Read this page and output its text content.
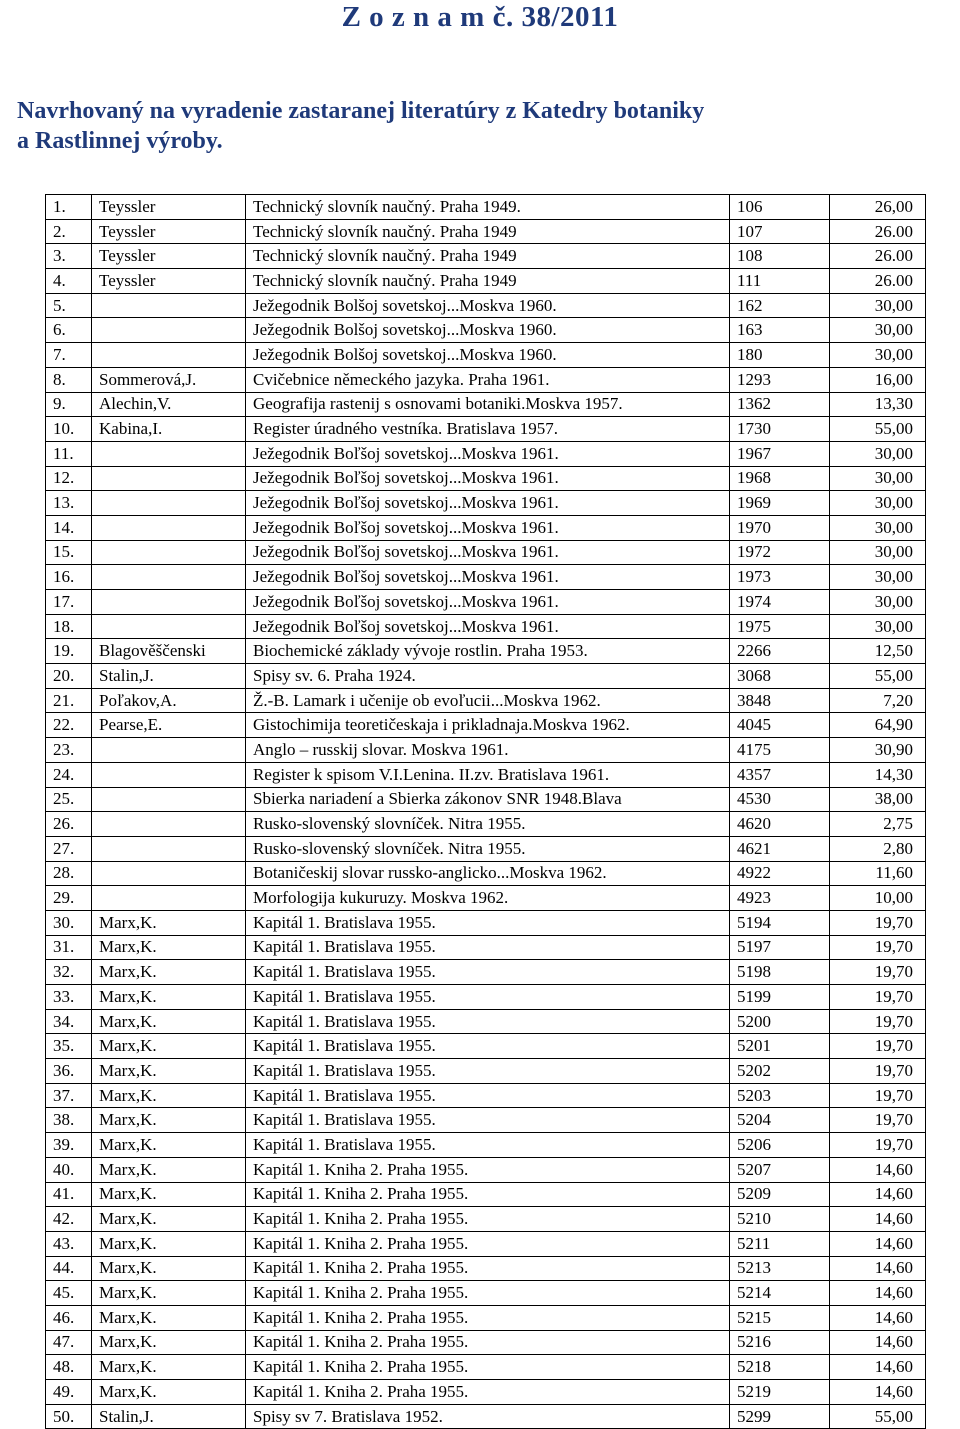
Z o z n a m č. 38/2011
Navrhovaný na vyradenie zastaranej literatúry z Katedry botaniky
a Rastlinnej výroby.
1.	Teyssler	Technický slovník naučný. Praha 1949.	106	26,00
2.	Teyssler	Technický slovník naučný. Praha 1949	107	26.00
3.	Teyssler	Technický slovník naučný. Praha 1949	108	26.00
4.	Teyssler	Technický slovník naučný. Praha 1949	111	26.00
5.		Ježegodnik Bolšoj sovetskoj...Moskva 1960.	162	30,00
6.		Ježegodnik Bolšoj sovetskoj...Moskva 1960.	163	30,00
7.		Ježegodnik Bolšoj sovetskoj...Moskva 1960.	180	30,00
8.	Sommerová,J.	Cvičebnice německého jazyka. Praha 1961.	1293	16,00
9.	Alechin,V.	Geografija rastenij s osnovami botaniki.Moskva 1957.	1362	13,30
10.	Kabina,I.	Register úradného vestníka. Bratislava 1957.	1730	55,00
11.		Ježegodnik Boľšoj sovetskoj...Moskva 1961.	1967	30,00
12.		Ježegodnik Boľšoj sovetskoj...Moskva 1961.	1968	30,00
13.		Ježegodnik Boľšoj sovetskoj...Moskva 1961.	1969	30,00
14.		Ježegodnik Boľšoj sovetskoj...Moskva 1961.	1970	30,00
15.		Ježegodnik Boľšoj sovetskoj...Moskva 1961.	1972	30,00
16.		Ježegodnik Boľšoj sovetskoj...Moskva 1961.	1973	30,00
17.		Ježegodnik Boľšoj sovetskoj...Moskva 1961.	1974	30,00
18.		Ježegodnik Boľšoj sovetskoj...Moskva 1961.	1975	30,00
19.	Blagověščenski	Biochemické základy vývoje rostlin. Praha 1953.	2266	12,50
20.	Stalin,J.	Spisy sv. 6. Praha 1924.	3068	55,00
21.	Poľakov,A.	Ž.-B. Lamark i učenije ob evoľucii...Moskva 1962.	3848	7,20
22.	Pearse,E.	Gistochimija teoretičeskaja i prikladnaja.Moskva 1962.	4045	64,90
23.		Anglo – russkij slovar. Moskva 1961.	4175	30,90
24.		Register k spisom V.I.Lenina. II.zv. Bratislava 1961.	4357	14,30
25.		Sbierka nariadení a Sbierka zákonov SNR 1948.Blava	4530	38,00
26.		Rusko-slovenský slovníček. Nitra 1955.	4620	2,75
27.		Rusko-slovenský slovníček. Nitra 1955.	4621	2,80
28.		Botaničeskij slovar russko-anglicko...Moskva 1962.	4922	11,60
29.		Morfologija kukuruzy. Moskva 1962.	4923	10,00
30.	Marx,K.	Kapitál 1. Bratislava 1955.	5194	19,70
31.	Marx,K.	Kapitál 1. Bratislava 1955.	5197	19,70
32.	Marx,K.	Kapitál 1. Bratislava 1955.	5198	19,70
33.	Marx,K.	Kapitál 1. Bratislava 1955.	5199	19,70
34.	Marx,K.	Kapitál 1. Bratislava 1955.	5200	19,70
35.	Marx,K.	Kapitál 1. Bratislava 1955.	5201	19,70
36.	Marx,K.	Kapitál 1. Bratislava 1955.	5202	19,70
37.	Marx,K.	Kapitál 1. Bratislava 1955.	5203	19,70
38.	Marx,K.	Kapitál 1. Bratislava 1955.	5204	19,70
39.	Marx,K.	Kapitál 1. Bratislava 1955.	5206	19,70
40.	Marx,K.	Kapitál 1. Kniha 2. Praha 1955.	5207	14,60
41.	Marx,K.	Kapitál 1. Kniha 2. Praha 1955.	5209	14,60
42.	Marx,K.	Kapitál 1. Kniha 2. Praha 1955.	5210	14,60
43.	Marx,K.	Kapitál 1. Kniha 2. Praha 1955.	5211	14,60
44.	Marx,K.	Kapitál 1. Kniha 2. Praha 1955.	5213	14,60
45.	Marx,K.	Kapitál 1. Kniha 2. Praha 1955.	5214	14,60
46.	Marx,K.	Kapitál 1. Kniha 2. Praha 1955.	5215	14,60
47.	Marx,K.	Kapitál 1. Kniha 2. Praha 1955.	5216	14,60
48.	Marx,K.	Kapitál 1. Kniha 2. Praha 1955.	5218	14,60
49.	Marx,K.	Kapitál 1. Kniha 2. Praha 1955.	5219	14,60
50.	Stalin,J.	Spisy sv 7. Bratislava 1952.	5299	55,00
